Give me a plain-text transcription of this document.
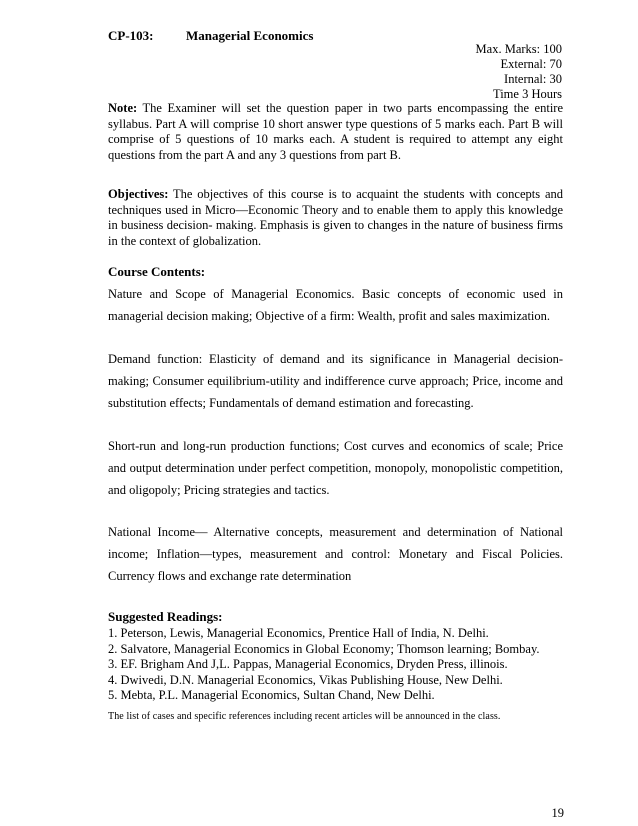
CP-103:	Managerial Economics
Max. Marks: 100
External: 70
Internal: 30
Time 3 Hours
Note: The Examiner will set the question paper in two parts encompassing the entire syllabus. Part A will comprise 10 short answer type questions of 5 marks each. Part B will comprise of 5 questions of 10 marks each. A student is required to attempt any eight questions from the part A and any 3 questions from part B.
Objectives: The objectives of this course is to acquaint the students with concepts and techniques used in Micro—Economic Theory and to enable them to apply this knowledge in business decision- making. Emphasis is given to changes in the nature of business firms in the context of globalization.
Course Contents:
Nature and Scope of Managerial Economics. Basic concepts of economic used in managerial decision making; Objective of a firm: Wealth, profit and sales maximization.
Demand function: Elasticity of demand and its significance in Managerial decision-making; Consumer equilibrium-utility and indifference curve approach; Price, income and substitution effects; Fundamentals of demand estimation and forecasting.
Short-run and long-run production functions; Cost curves and economics of scale; Price and output determination under perfect competition, monopoly, monopolistic competition, and oligopoly; Pricing strategies and tactics.
National Income— Alternative concepts, measurement and determination of National income; Inflation—types, measurement and control: Monetary and Fiscal Policies. Currency flows and exchange rate determination
Suggested Readings:
1. Peterson, Lewis, Managerial Economics, Prentice Hall of India, N. Delhi.
2. Salvatore, Managerial Economics in Global Economy; Thomson learning; Bombay.
3. EF. Brigham And J,L. Pappas, Managerial Economics, Dryden Press, illinois.
4. Dwivedi, D.N. Managerial Economics, Vikas Publishing House, New Delhi.
5. Mebta, P.L. Managerial Economics, Sultan Chand, New Delhi.
The list of cases and specific references including recent articles will be announced in the class.
19
